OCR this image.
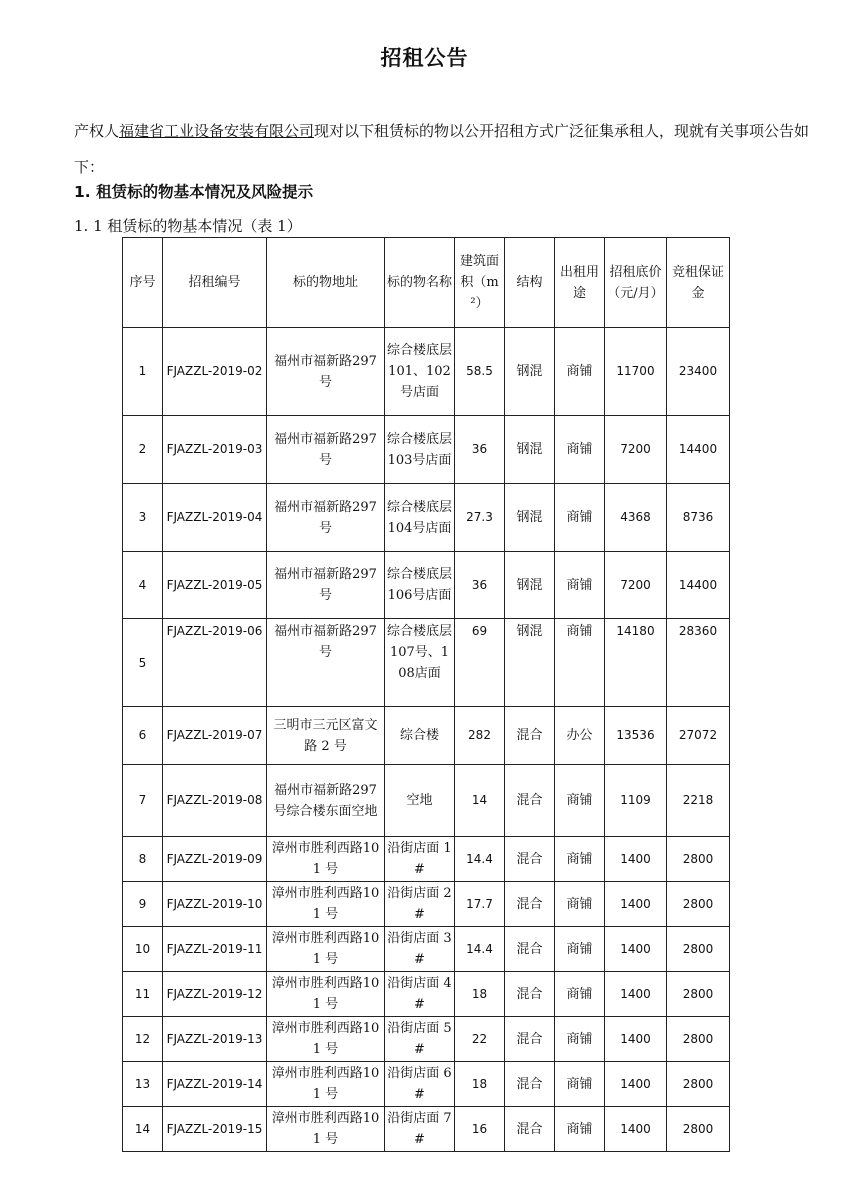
招租公告
产权人福建省工业设备安装有限公司现对以下租赁标的物以公开招租方式广泛征集承租人，现就有关事项公告如下：
1. 租赁标的物基本情况及风险提示
1. 1 租赁标的物基本情况（表 1）
序号	招租编号	标的物地址	标的物名称	建筑面积（m²）	结构	出租用途	招租底价（元/月）	竞租保证金
1	FJAZZL-2019-02	福州市福新路297 号	综合楼底层101、102号店面	58.5	钢混	商铺	11700	23400
2	FJAZZL-2019-03	福州市福新路297 号	综合楼底层 103号店面	36	钢混	商铺	7200	14400
3	FJAZZL-2019-04	福州市福新路297 号	综合楼底层 104号店面	27.3	钢混	商铺	4368	8736
4	FJAZZL-2019-05	福州市福新路297 号	综合楼底层 106号店面	36	钢混	商铺	7200	14400
5	FJAZZL-2019-06	福州市福新路297 号	综合楼底层 107号、108店面	69	钢混	商铺	14180	28360
6	FJAZZL-2019-07	三明市三元区富文路 2 号	综合楼	282	混合	办公	13536	27072
7	FJAZZL-2019-08	福州市福新路297 号综合楼东面空地	空地	14	混合	商铺	1109	2218
8	FJAZZL-2019-09	漳州市胜利西路101 号	沿街店面 1#	14.4	混合	商铺	1400	2800
9	FJAZZL-2019-10	漳州市胜利西路101 号	沿街店面 2#	17.7	混合	商铺	1400	2800
10	FJAZZL-2019-11	漳州市胜利西路101 号	沿街店面 3#	14.4	混合	商铺	1400	2800
11	FJAZZL-2019-12	漳州市胜利西路101 号	沿街店面 4#	18	混合	商铺	1400	2800
12	FJAZZL-2019-13	漳州市胜利西路101 号	沿街店面 5#	22	混合	商铺	1400	2800
13	FJAZZL-2019-14	漳州市胜利西路101 号	沿街店面 6#	18	混合	商铺	1400	2800
14	FJAZZL-2019-15	漳州市胜利西路101 号	沿街店面 7#	16	混合	商铺	1400	2800
